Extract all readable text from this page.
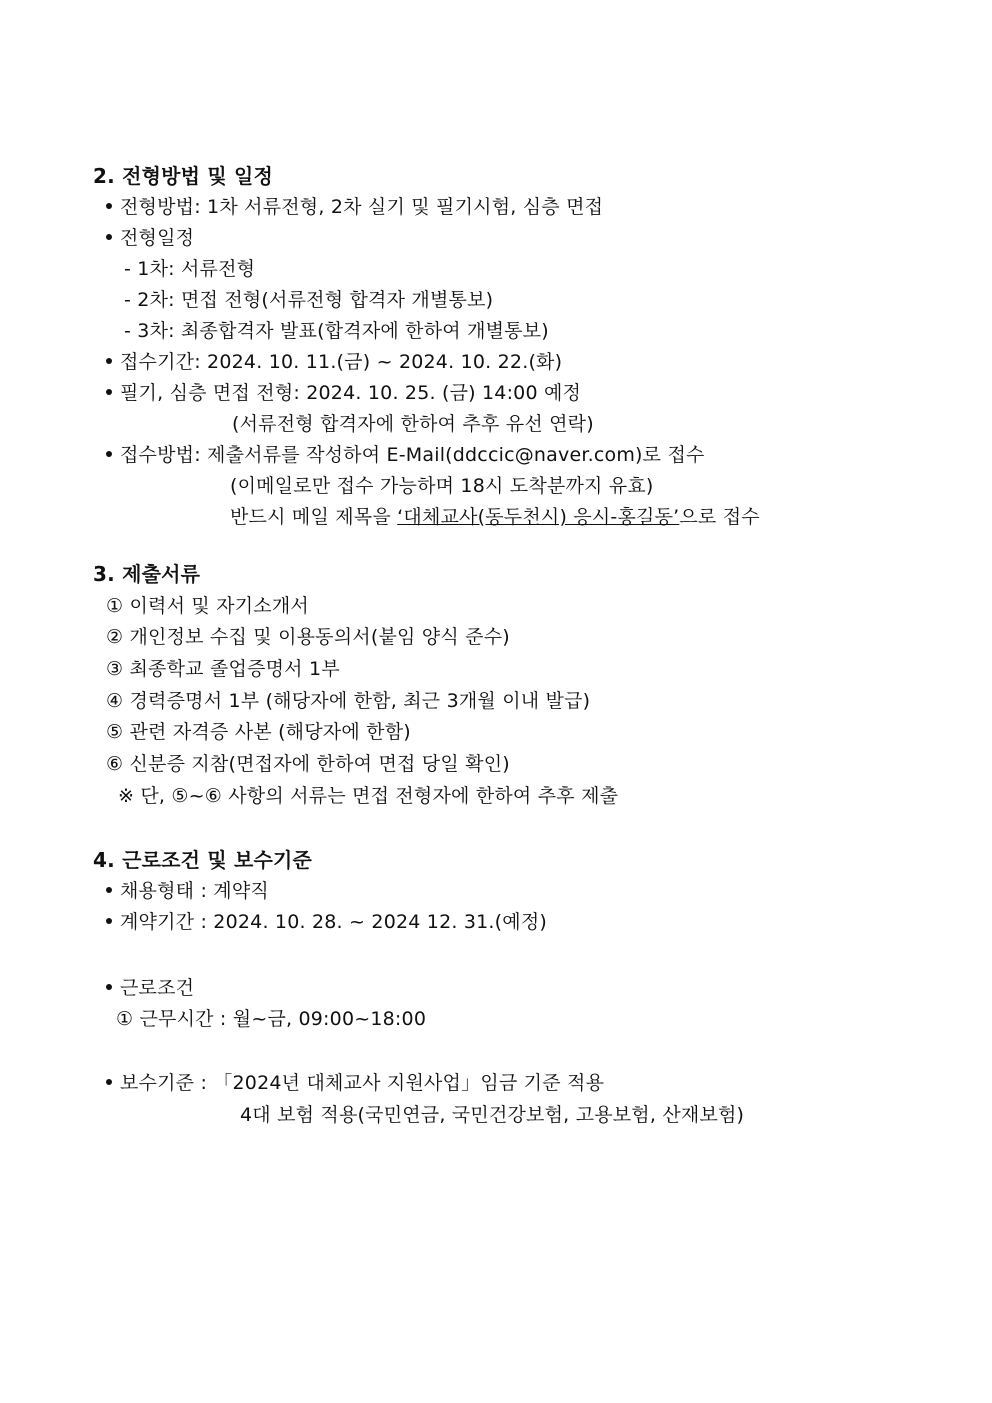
2. 전형방법 및 일정
전형방법: 1차 서류전형, 2차 실기 및 필기시험, 심층 면접
전형일정
- 1차: 서류전형
- 2차: 면접 전형(서류전형 합격자 개별통보)
- 3차: 최종합격자 발표(합격자에 한하여 개별통보)
접수기간: 2024. 10. 11.(금) ~ 2024. 10. 22.(화)
필기, 심층 면접 전형: 2024. 10. 25. (금) 14:00 예정
(서류전형 합격자에 한하여 추후 유선 연락)
접수방법: 제출서류를 작성하여 E-Mail(ddccic@naver.com)로 접수
(이메일로만 접수 가능하며 18시 도착분까지 유효)
반드시 메일 제목을 ‘대체교사(동두천시) 응시-홍길동’으로 접수
3. 제출서류
① 이력서 및 자기소개서
② 개인정보 수집 및 이용동의서(붙임 양식 준수)
③ 최종학교 졸업증명서 1부
④ 경력증명서 1부 (해당자에 한함, 최근 3개월 이내 발급)
⑤ 관련 자격증 사본 (해당자에 한함)
⑥ 신분증 지참(면접자에 한하여 면접 당일 확인)
※ 단, ⑤~⑥ 사항의 서류는 면접 전형자에 한하여 추후 제출
4. 근로조건 및 보수기준
채용형태 : 계약직
계약기간 : 2024. 10. 28. ~ 2024 12. 31.(예정)
근로조건
① 근무시간 : 월~금, 09:00~18:00
보수기준 : 「2024년 대체교사 지원사업」임금 기준 적용
4대 보험 적용(국민연금, 국민건강보험, 고용보험, 산재보험)
